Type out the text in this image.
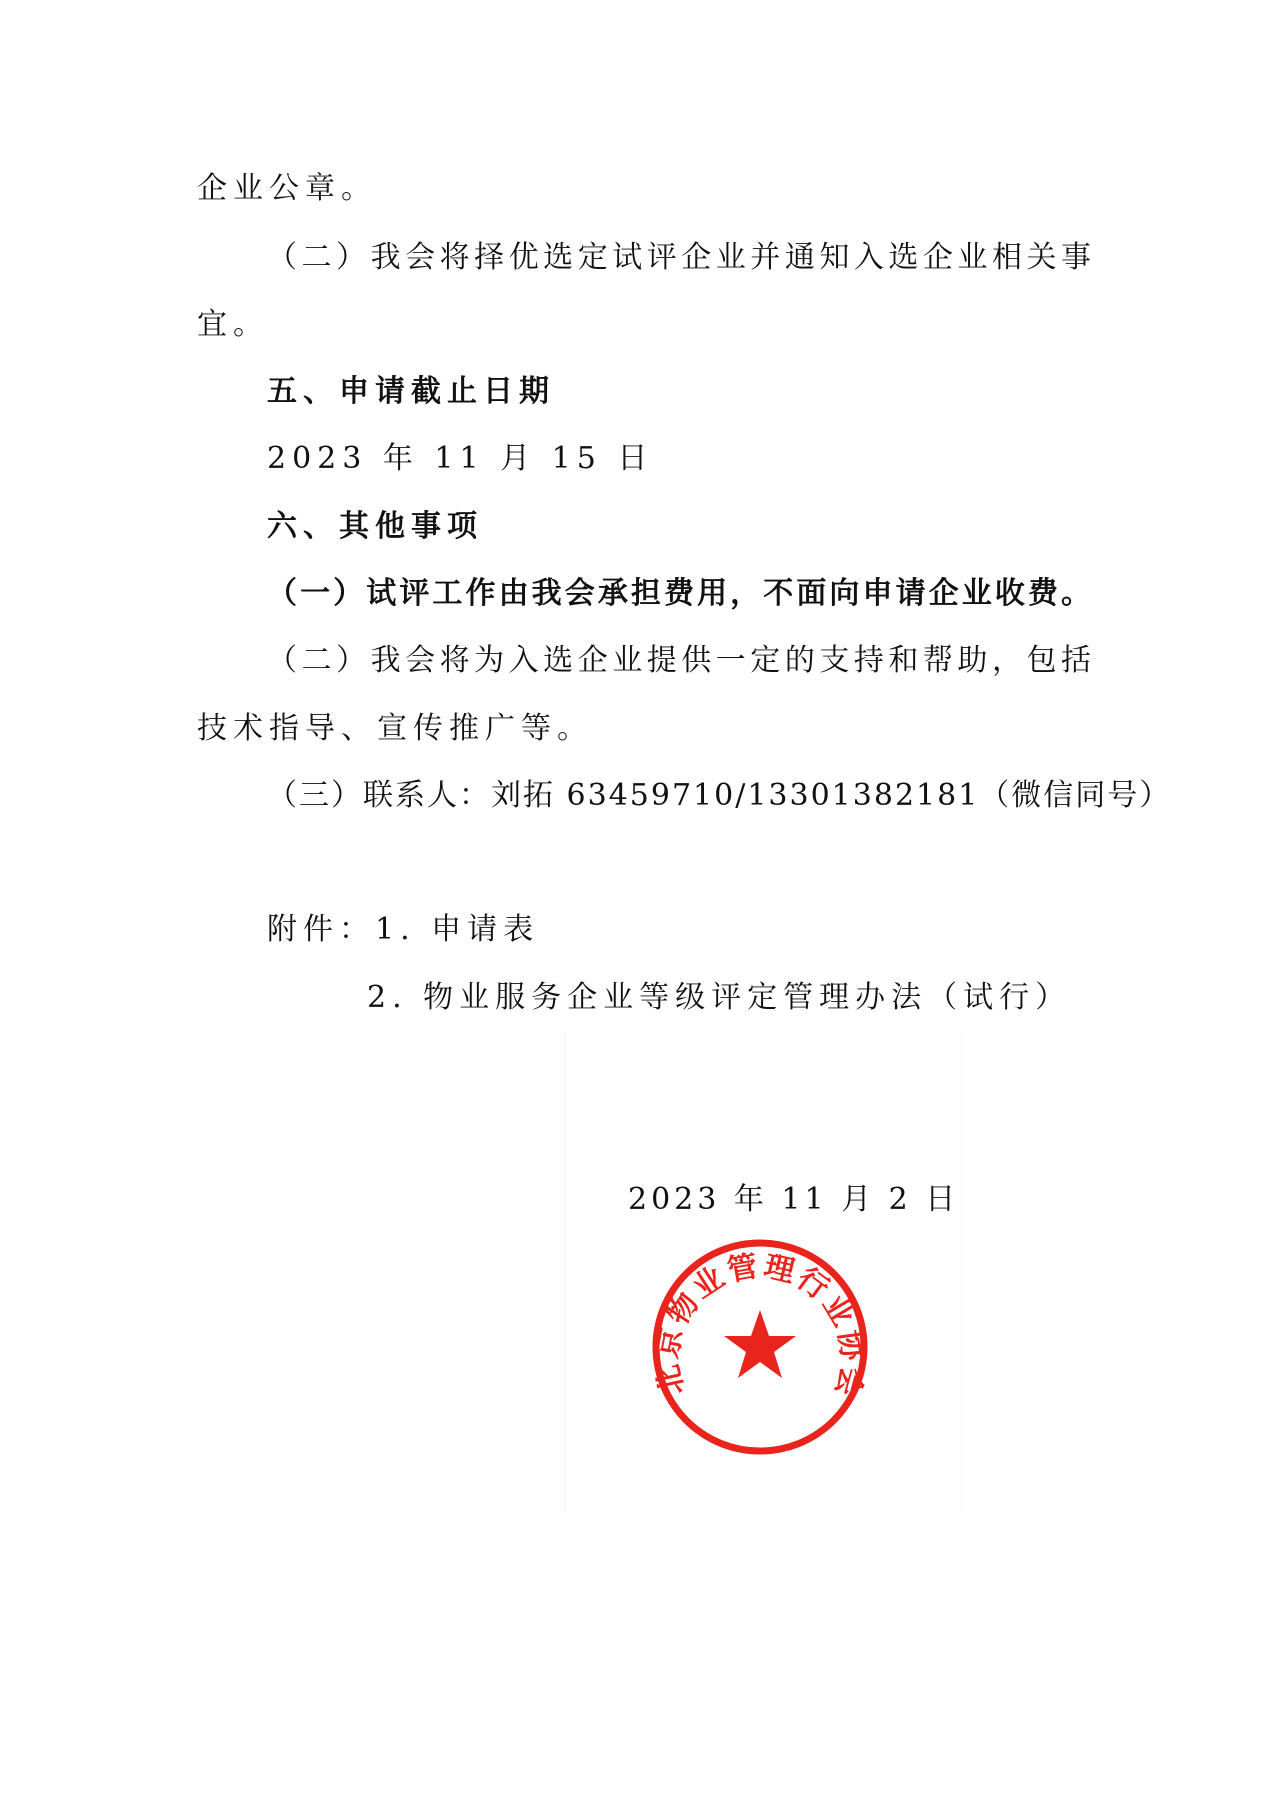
企业公章。
（二）我会将择优选定试评企业并通知入选企业相关事
宜。
五、申请截止日期
2023 年 11 月 15 日
六、其他事项
（一）试评工作由我会承担费用，不面向申请企业收费。
（二）我会将为入选企业提供一定的支持和帮助，包括
技术指导、宣传推广等。
（三）联系人：刘拓 63459710/13301382181（微信同号）
附件：1. 申请表
2. 物业服务企业等级评定管理办法（试行）
2023 年 11 月 2 日
北京物业管理行业协会
